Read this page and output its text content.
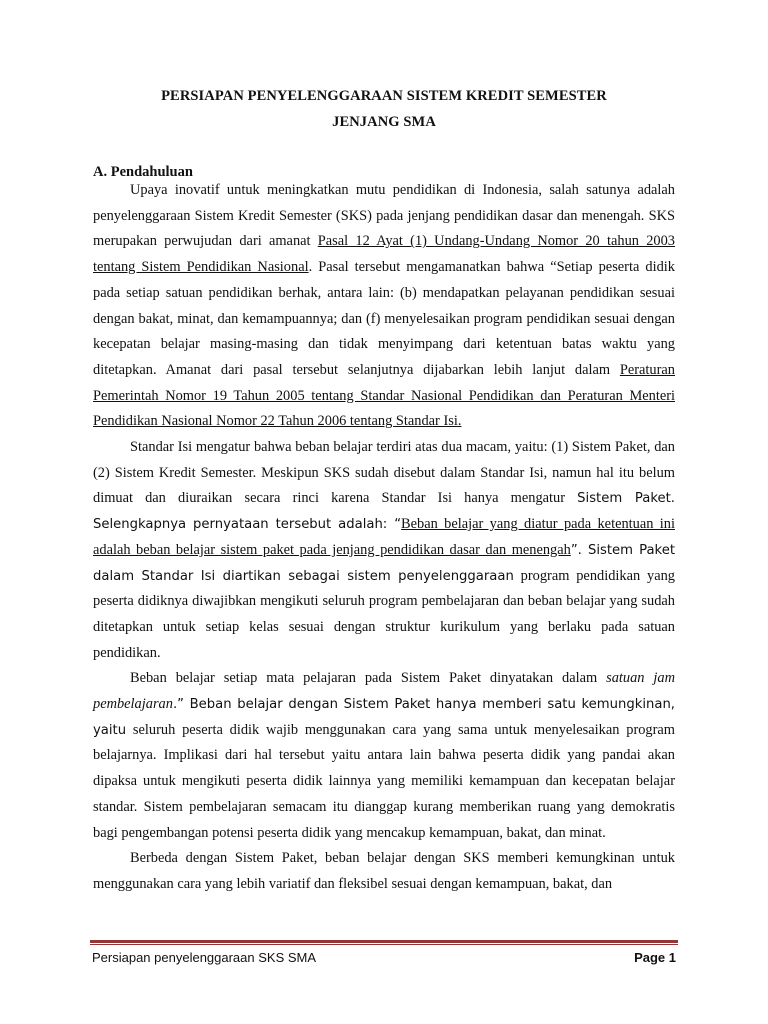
PERSIAPAN PENYELENGGARAAN SISTEM KREDIT SEMESTER
JENJANG SMA
A. Pendahuluan

Upaya inovatif untuk meningkatkan mutu pendidikan di Indonesia, salah satunya adalah penyelenggaraan Sistem Kredit Semester (SKS) pada jenjang pendidikan dasar dan menengah. SKS merupakan perwujudan dari amanat Pasal 12 Ayat (1) Undang-Undang Nomor 20 tahun 2003 tentang Sistem Pendidikan Nasional. Pasal tersebut mengamanatkan bahwa “Setiap peserta didik pada setiap satuan pendidikan berhak, antara lain: (b) mendapatkan pelayanan pendidikan sesuai dengan bakat, minat, dan kemampuannya; dan (f) menyelesaikan program pendidikan sesuai dengan kecepatan belajar masing-masing dan tidak menyimpang dari ketentuan batas waktu yang ditetapkan. Amanat dari pasal tersebut selanjutnya dijabarkan lebih lanjut dalam Peraturan Pemerintah Nomor 19 Tahun 2005 tentang Standar Nasional Pendidikan dan Peraturan Menteri Pendidikan Nasional Nomor 22 Tahun 2006 tentang Standar Isi.

Standar Isi mengatur bahwa beban belajar terdiri atas dua macam, yaitu: (1) Sistem Paket, dan (2) Sistem Kredit Semester. Meskipun SKS sudah disebut dalam Standar Isi, namun hal itu belum dimuat dan diuraikan secara rinci karena Standar Isi hanya mengatur Sistem Paket. Selengkapnya pernyataan tersebut adalah: “Beban belajar yang diatur pada ketentuan ini adalah beban belajar sistem paket pada jenjang pendidikan dasar dan menengah”. Sistem Paket dalam Standar Isi diartikan sebagai sistem penyelenggaraan program pendidikan yang peserta didiknya diwajibkan mengikuti seluruh program pembelajaran dan beban belajar yang sudah ditetapkan untuk setiap kelas sesuai dengan struktur kurikulum yang berlaku pada satuan pendidikan.

Beban belajar setiap mata pelajaran pada Sistem Paket dinyatakan dalam satuan jam pembelajaran.” Beban belajar dengan Sistem Paket hanya memberi satu kemungkinan, yaitu seluruh peserta didik wajib menggunakan cara yang sama untuk menyelesaikan program belajarnya. Implikasi dari hal tersebut yaitu antara lain bahwa peserta didik yang pandai akan dipaksa untuk mengikuti peserta didik lainnya yang memiliki kemampuan dan kecepatan belajar standar. Sistem pembelajaran semacam itu dianggap kurang memberikan ruang yang demokratis bagi pengembangan potensi peserta didik yang mencakup kemampuan, bakat, dan minat.

Berbeda dengan Sistem Paket, beban belajar dengan SKS memberi kemungkinan untuk menggunakan cara yang lebih variatif dan fleksibel sesuai dengan kemampuan, bakat, dan

Persiapan penyelenggaraan SKS SMA	Page 1
